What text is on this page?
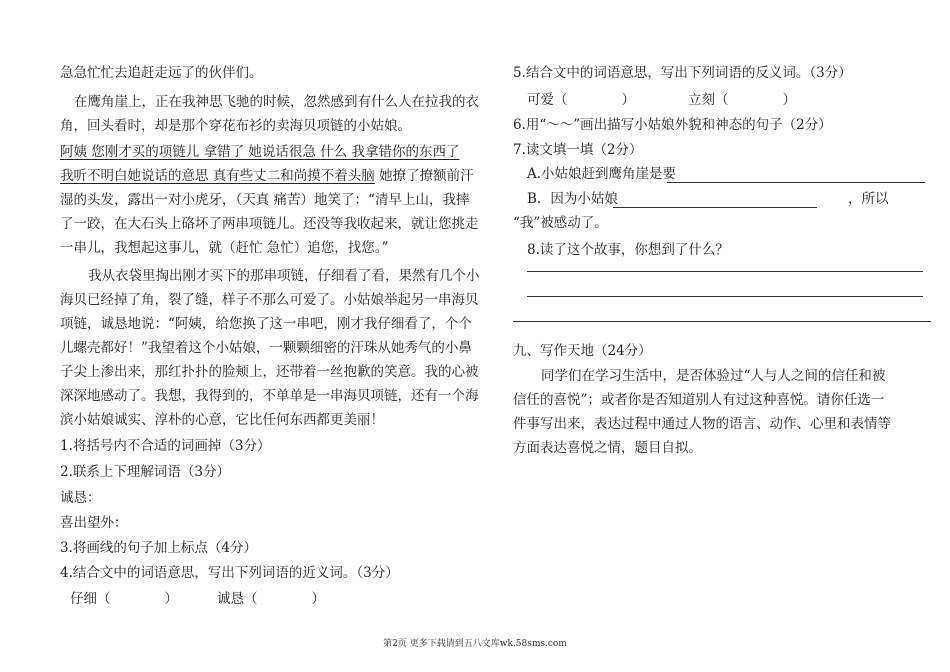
急急忙忙去追赶走远了的伙伴们。
在鹰角崖上，正在我神思飞驰的时候，忽然感到有什么人在拉我的衣
角，回头看时，却是那个穿花布衫的卖海贝项链的小姑娘。
阿姨 您刚才买的项链儿 拿错了 她说话很急 什么 我拿错你的东西了
我听不明白她说话的意思 真有些丈二和尚摸不着头脑 她撩了撩额前汗
湿的头发，露出一对小虎牙，（天真 痛苦）地笑了：“清早上山，我摔
了一跤，在大石头上硌坏了两串项链儿。还没等我收起来，就让您挑走
一串儿，我想起这事儿，就（赶忙 急忙）追您，找您。”
我从衣袋里掏出刚才买下的那串项链，仔细看了看，果然有几个小
海贝已经掉了角，裂了缝，样子不那么可爱了。小姑娘举起另一串海贝
项链，诚恳地说：“阿姨，给您换了这一串吧，刚才我仔细看了，个个
儿螺壳都好！”我望着这个小姑娘，一颗颗细密的汗珠从她秀气的小鼻
子尖上渗出来，那红扑扑的脸颊上，还带着一丝抱歉的笑意。我的心被
深深地感动了。我想，我得到的，不单单是一串海贝项链，还有一个海
滨小姑娘诚实、淳朴的心意，它比任何东西都更美丽！
1.将括号内不合适的词画掉（3分）
2.联系上下理解词语（3分）
诚恳：
喜出望外：
3.将画线的句子加上标点（4分）
4.结合文中的词语意思，写出下列词语的近义词。（3分）
仔细（　　　　）	诚恳（　　　　）
5.结合文中的词语意思，写出下列词语的反义词。（3分）
可爱（　　　　）	立刻（　　　　）
6.用“～～”画出描写小姑娘外貌和神态的句子（2分）
7.读文填一填（2分）
A.小姑娘赶到鹰角崖是要
B．因为小姑娘	，所以
“我”被感动了。
8.读了这个故事，你想到了什么？
九、写作天地（24分）
同学们在学习生活中，是否体验过“人与人之间的信任和被
信任的喜悦”；或者你是否知道别人有过这种喜悦。请你任选一
件事写出来，表达过程中通过人物的语言、动作、心里和表情等
方面表达喜悦之情，题目自拟。
第2页 更多下载请到五八文库wk.58sms.com
